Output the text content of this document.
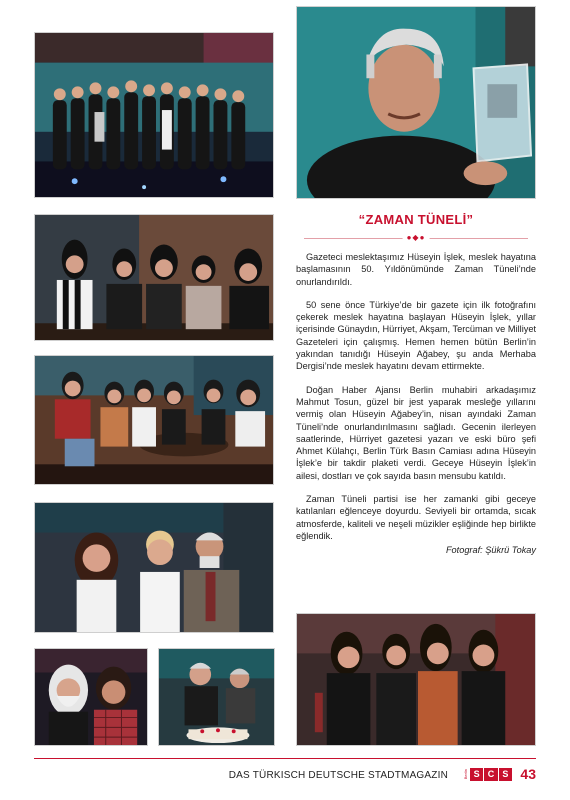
“ZAMAN TÜNELİ”
●◆●

Gazeteci meslektaşımız Hüseyin İşlek, meslek hayatına başlamasının 50. Yıldönümünde Zaman Tüneli’nde onurlandırıldı.

50 sene önce Türkiye’de bir gazete için ilk fotoğrafını çekerek meslek hayatına başlayan Hüseyin İşlek, yıllar içerisinde Günaydın, Hürriyet, Akşam, Tercüman ve Milliyet Gazeteleri için çalışmış. Hemen hemen bütün Berlin’in yakından tanıdığı Hüseyin Ağabey, şu anda Merhaba Dergisi’nde meslek hayatını devam ettirmekte.

Doğan Haber Ajansı Berlin muhabiri arkadaşımız Mahmut Tosun, güzel bir jest yaparak mesleğe yıllarını vermiş olan Hüseyin Ağabey’in, nisan ayındaki Zaman Tüneli’nde onurlandırılmasını sağladı. Gecenin ilerleyen saatlerinde, Hürriyet gazetesi yazarı ve eski büro şefi Ahmet Külahçı, Berlin Türk Basın Camiası adına Hüseyin İşlek’e bir takdir plaketi verdi. Geceye Hüseyin İşlek’in ailesi, dostları ve çok sayıda basın mensubu katıldı.

Zaman Tüneli partisi ise her zamanki gibi geceye katılanları eğlenceye doyurdu. Seviyeli bir ortamda, sıcak atmosferde, kaliteli ve neşeli müzikler eşliğinde hep birlikte eğlendik.

Fotograf: Şükrü Tokay

DAS TÜRKISCH DEUTSCHE STADTMAGAZIN	Berlin S C S 43
